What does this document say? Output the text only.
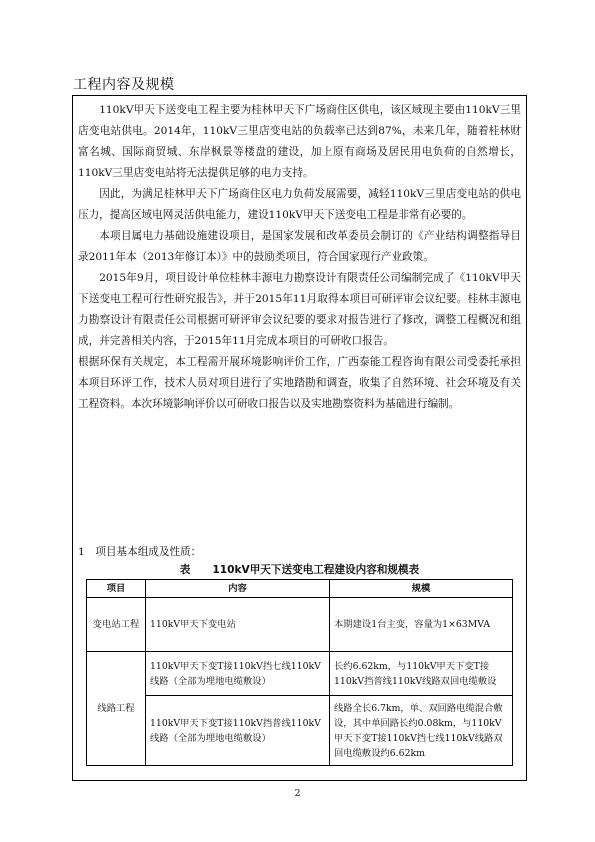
工程内容及规模

110kV甲天下送变电工程主要为桂林甲天下广场商住区供电，该区域现主要由110kV三里店变电站供电。2014年，110kV三里店变电站的负载率已达到87%，未来几年，随着桂林财富名城、国际商贸城、东岸枫景等楼盘的建设，加上原有商场及居民用电负荷的自然增长，110kV三里店变电站将无法提供足够的电力支持。

因此，为满足桂林甲天下广场商住区电力负荷发展需要，减轻110kV三里店变电站的供电压力，提高区域电网灵活供电能力，建设110kV甲天下送变电工程是非常有必要的。

本项目属电力基础设施建设项目，是国家发展和改革委员会制订的《产业结构调整指导目录2011年本（2013年修订本）》中的鼓励类项目，符合国家现行产业政策。

2015年9月，项目设计单位桂林丰源电力勘察设计有限责任公司编制完成了《110kV甲天下送变电工程可行性研究报告》，并于2015年11月取得本项目可研评审会议纪要。桂林丰源电力勘察设计有限责任公司根据可研评审会议纪要的要求对报告进行了修改，调整工程概况和组成，并完善相关内容，于2015年11月完成本项目的可研收口报告。

根据环保有关规定，本工程需开展环境影响评价工作，广西泰能工程咨询有限公司受委托承担本项目环评工作，技术人员对项目进行了实地踏勘和调查，收集了自然环境、社会环境及有关工程资料。本次环境影响评价以可研收口报告以及实地勘察资料为基础进行编制。

1　项目基本组成及性质：
表 110kV甲天下送变电工程建设内容和规模表
项目	内容	规模
变电站工程	110kV甲天下变电站	本期建设1台主变，容量为1×63MVA
线路工程	110kV甲天下变T接110kV挡七线110kV线路（全部为埋地电缆敷设）	长约6.62km，与110kV甲天下变T接110kV挡普线110kV线路双回电缆敷设
	110kV甲天下变T接110kV挡普线110kV线路（全部为埋地电缆敷设）	线路全长6.7km，单、双回路电缆混合敷设，其中单回路长约0.08km，与110kV甲天下变T接110kV挡七线110kV线路双回电缆敷设约6.62km
2
